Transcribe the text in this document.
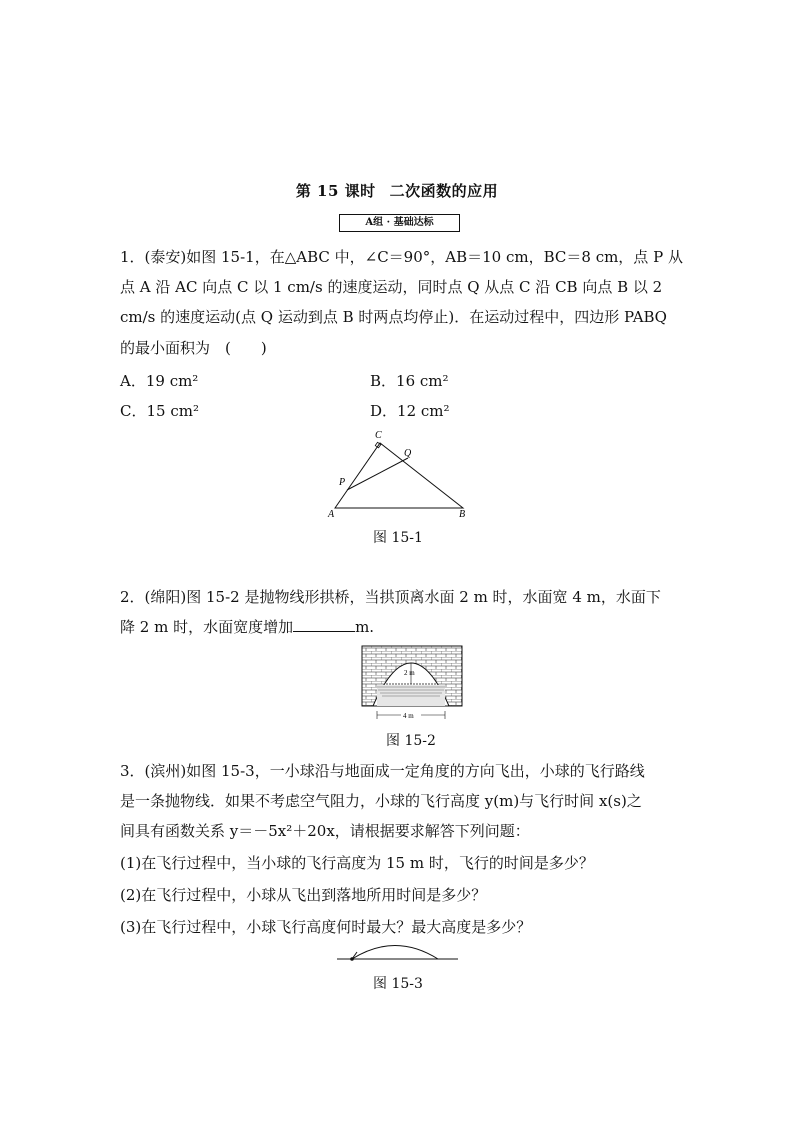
第 15 课时 二次函数的应用
A组 · 基础达标
1．(泰安)如图 15-1，在△ABC 中，∠C＝90°，AB＝10 cm，BC＝8 cm，点 P 从
点 A 沿 AC 向点 C 以 1 cm/s 的速度运动，同时点 Q 从点 C 沿 CB 向点 B 以 2
cm/s 的速度运动(点 Q 运动到点 B 时两点均停止)．在运动过程中，四边形 PABQ
的最小面积为　(　　)
A．19 cm²	B．16 cm²
C．15 cm²	D．12 cm²
C
Q
P
A	B
图 15-1
2．(绵阳)图 15-2 是抛物线形拱桥，当拱顶离水面 2 m 时，水面宽 4 m，水面下
降 2 m 时，水面宽度增加	m.
2 m
4 m
图 15-2
3．(滨州)如图 15-3，一小球沿与地面成一定角度的方向飞出，小球的飞行路线
是一条抛物线．如果不考虑空气阻力，小球的飞行高度 y(m)与飞行时间 x(s)之
间具有函数关系 y＝－5x²＋20x，请根据要求解答下列问题：
(1)在飞行过程中，当小球的飞行高度为 15 m 时，飞行的时间是多少？
(2)在飞行过程中，小球从飞出到落地所用时间是多少？
(3)在飞行过程中，小球飞行高度何时最大？最大高度是多少？
图 15-3
